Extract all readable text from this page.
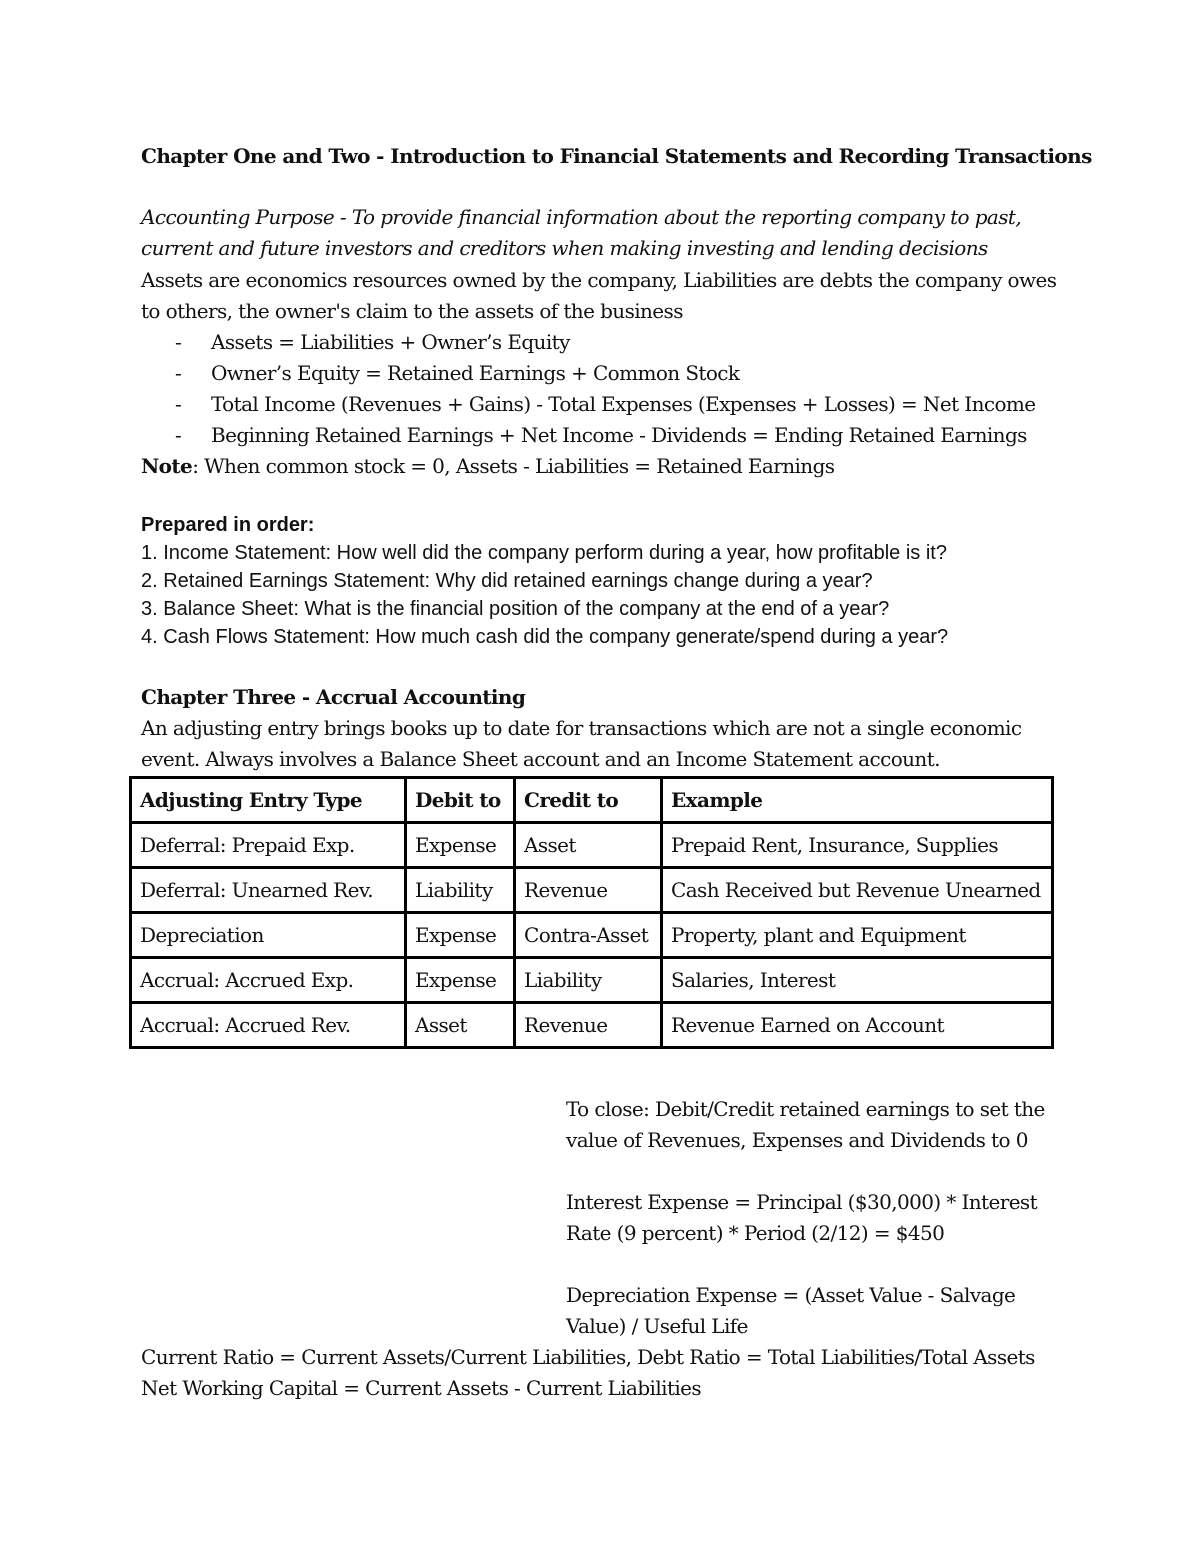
Chapter One and Two - Introduction to Financial Statements and Recording Transactions
Accounting Purpose - To provide financial information about the reporting company to past,
current and future investors and creditors when making investing and lending decisions
Assets are economics resources owned by the company, Liabilities are debts the company owes
to others, the owner's claim to the assets of the business
- Assets = Liabilities + Owner’s Equity
- Owner’s Equity = Retained Earnings + Common Stock
- Total Income (Revenues + Gains) - Total Expenses (Expenses + Losses) = Net Income
- Beginning Retained Earnings + Net Income - Dividends = Ending Retained Earnings
Note: When common stock = 0, Assets - Liabilities = Retained Earnings
Prepared in order:
1. Income Statement: How well did the company perform during a year, how profitable is it?
2. Retained Earnings Statement: Why did retained earnings change during a year?
3. Balance Sheet: What is the financial position of the company at the end of a year?
4. Cash Flows Statement: How much cash did the company generate/spend during a year?
Chapter Three - Accrual Accounting
An adjusting entry brings books up to date for transactions which are not a single economic
event. Always involves a Balance Sheet account and an Income Statement account.
Adjusting Entry Type	Debit to	Credit to	Example
Deferral: Prepaid Exp.	Expense	Asset	Prepaid Rent, Insurance, Supplies
Deferral: Unearned Rev.	Liability	Revenue	Cash Received but Revenue Unearned
Depreciation	Expense	Contra-Asset	Property, plant and Equipment
Accrual: Accrued Exp.	Expense	Liability	Salaries, Interest
Accrual: Accrued Rev.	Asset	Revenue	Revenue Earned on Account
To close: Debit/Credit retained earnings to set the
value of Revenues, Expenses and Dividends to 0
Interest Expense = Principal ($30,000) * Interest
Rate (9 percent) * Period (2/12) = $450
Depreciation Expense = (Asset Value - Salvage
Value) / Useful Life
Current Ratio = Current Assets/Current Liabilities, Debt Ratio = Total Liabilities/Total Assets
Net Working Capital = Current Assets - Current Liabilities
